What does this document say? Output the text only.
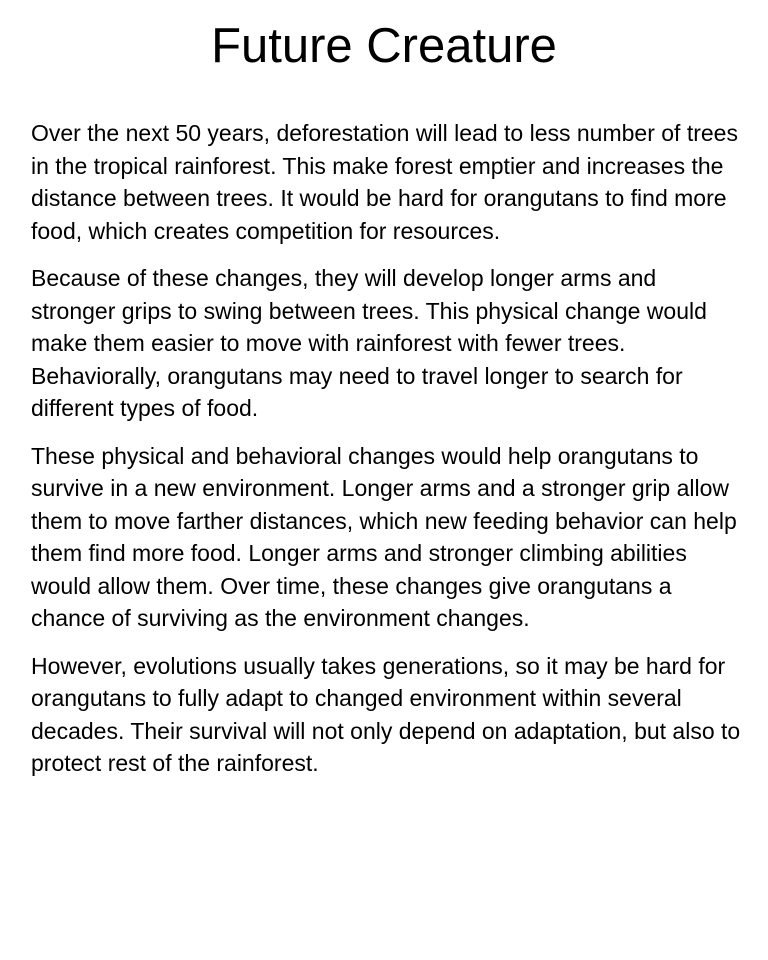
Future Creature

Over the next 50 years, deforestation will lead to less number of trees in the tropical rainforest. This make forest emptier and increases the distance between trees. It would be hard for orangutans to find more food, which creates competition for resources.

Because of these changes, they will develop longer arms and stronger grips to swing between trees. This physical change would make them easier to move with rainforest with fewer trees. Behaviorally, orangutans may need to travel longer to search for different types of food.

These physical and behavioral changes would help orangutans to survive in a new environment. Longer arms and a stronger grip allow them to move farther distances, which new feeding behavior can help them find more food. Longer arms and stronger climbing abilities would allow them. Over time, these changes give orangutans a chance of surviving as the environment changes.

However, evolutions usually takes generations, so it may be hard for orangutans to fully adapt to changed environment within several decades. Their survival will not only depend on adaptation, but also to protect rest of the rainforest.
